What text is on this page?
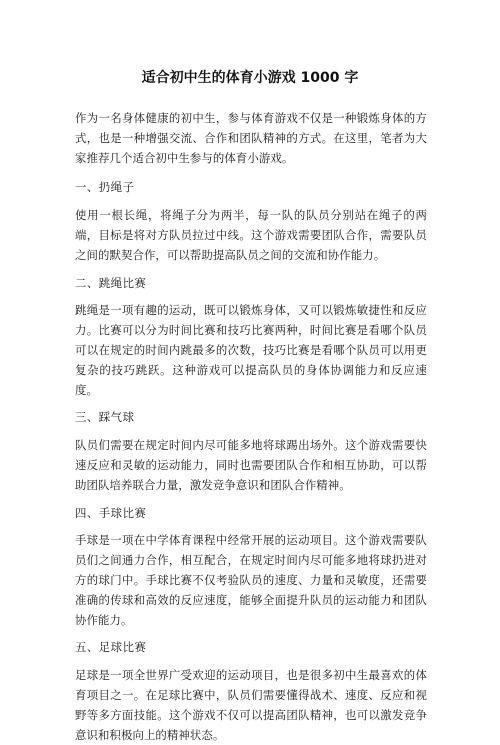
适合初中生的体育小游戏 1000 字

作为一名身体健康的初中生，参与体育游戏不仅是一种锻炼身体的方式，也是一种增强交流、合作和团队精神的方式。在这里，笔者为大家推荐几个适合初中生参与的体育小游戏。

一、扔绳子

使用一根长绳，将绳子分为两半，每一队的队员分别站在绳子的两端，目标是将对方队员拉过中线。这个游戏需要团队合作，需要队员之间的默契合作，可以帮助提高队员之间的交流和协作能力。

二、跳绳比赛

跳绳是一项有趣的运动，既可以锻炼身体，又可以锻炼敏捷性和反应力。比赛可以分为时间比赛和技巧比赛两种，时间比赛是看哪个队员可以在规定的时间内跳最多的次数，技巧比赛是看哪个队员可以用更复杂的技巧跳跃。这种游戏可以提高队员的身体协调能力和反应速度。

三、踩气球

队员们需要在规定时间内尽可能多地将球踢出场外。这个游戏需要快速反应和灵敏的运动能力，同时也需要团队合作和相互协助，可以帮助团队培养联合力量，激发竞争意识和团队合作精神。

四、手球比赛

手球是一项在中学体育课程中经常开展的运动项目。这个游戏需要队员们之间通力合作，相互配合，在规定时间内尽可能多地将球扔进对方的球门中。手球比赛不仅考验队员的速度、力量和灵敏度，还需要准确的传球和高效的反应速度，能够全面提升队员的运动能力和团队协作能力。

五、足球比赛

足球是一项全世界广受欢迎的运动项目，也是很多初中生最喜欢的体育项目之一。在足球比赛中，队员们需要懂得战术、速度、反应和视野等多方面技能。这个游戏不仅可以提高团队精神，也可以激发竞争意识和积极向上的精神状态。
